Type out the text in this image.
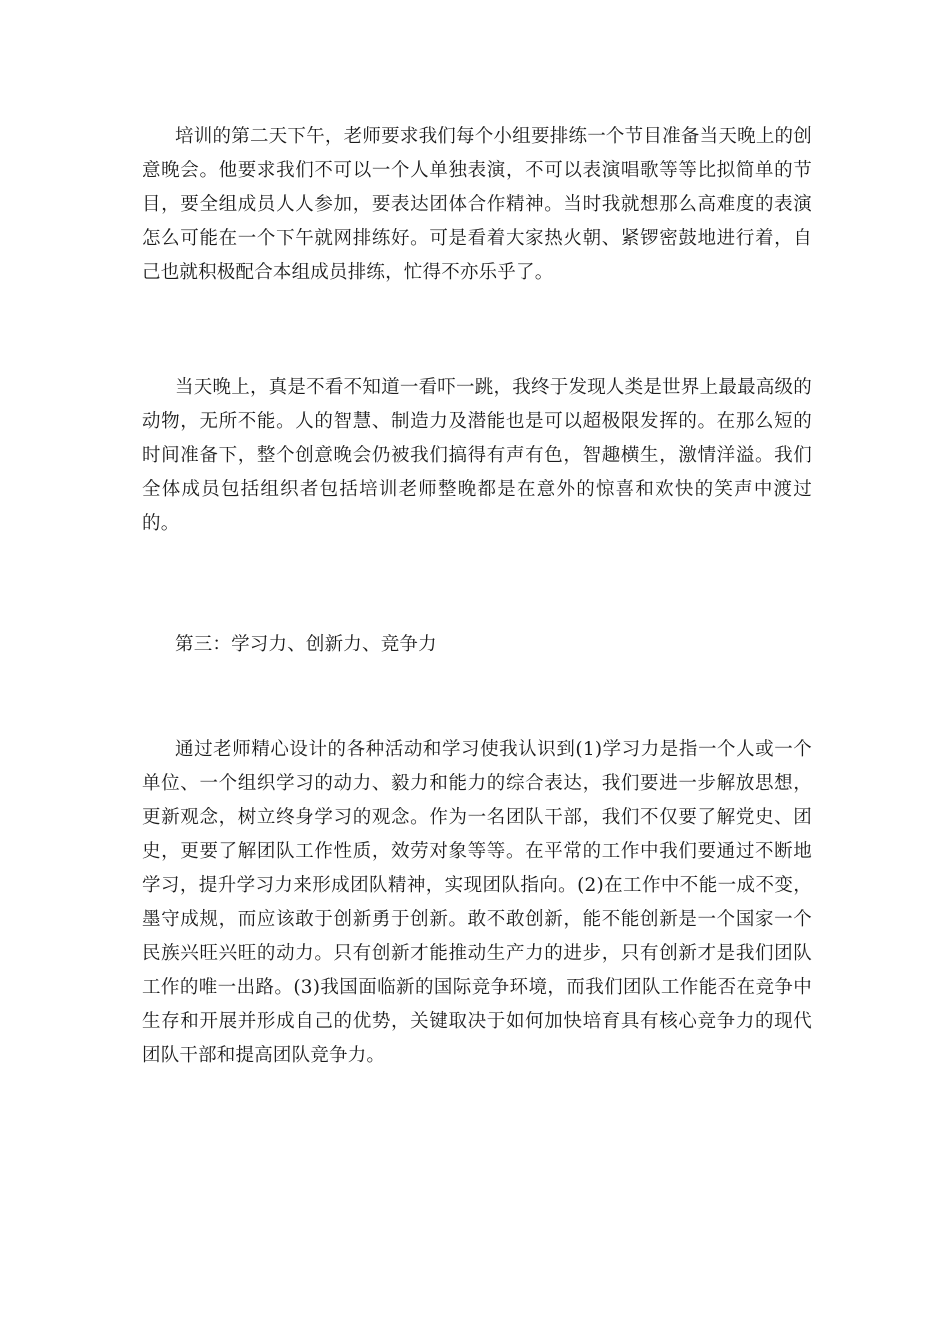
培训的第二天下午，老师要求我们每个小组要排练一个节目准备当天晚上的创意晚会。他要求我们不可以一个人单独表演，不可以表演唱歌等等比拟简单的节目，要全组成员人人参加，要表达团体合作精神。当时我就想那么高难度的表演怎么可能在一个下午就网排练好。可是看着大家热火朝、紧锣密鼓地进行着，自己也就积极配合本组成员排练，忙得不亦乐乎了。

当天晚上，真是不看不知道一看吓一跳，我终于发现人类是世界上最最高级的动物，无所不能。人的智慧、制造力及潜能也是可以超极限发挥的。在那么短的时间准备下，整个创意晚会仍被我们搞得有声有色，智趣横生，激情洋溢。我们全体成员包括组织者包括培训老师整晚都是在意外的惊喜和欢快的笑声中渡过的。

第三：学习力、创新力、竞争力

通过老师精心设计的各种活动和学习使我认识到(1)学习力是指一个人或一个单位、一个组织学习的动力、毅力和能力的综合表达，我们要进一步解放思想，更新观念，树立终身学习的观念。作为一名团队干部，我们不仅要了解党史、团史，更要了解团队工作性质，效劳对象等等。在平常的工作中我们要通过不断地学习，提升学习力来形成团队精神，实现团队指向。(2)在工作中不能一成不变，墨守成规，而应该敢于创新勇于创新。敢不敢创新，能不能创新是一个国家一个民族兴旺兴旺的动力。只有创新才能推动生产力的进步，只有创新才是我们团队工作的唯一出路。(3)我国面临新的国际竞争环境，而我们团队工作能否在竞争中生存和开展并形成自己的优势，关键取决于如何加快培育具有核心竞争力的现代团队干部和提高团队竞争力。
